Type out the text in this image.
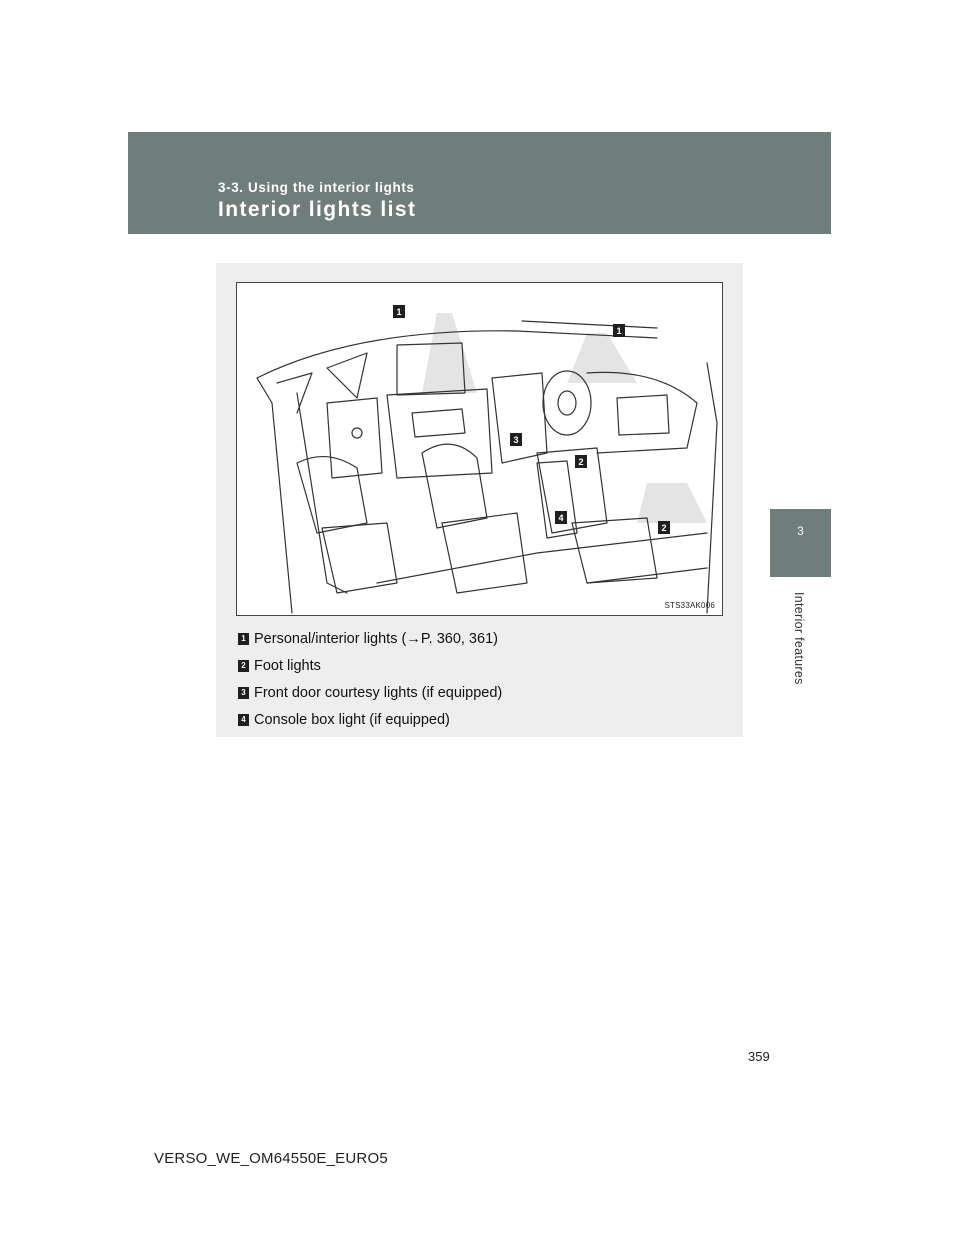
3-3. Using the interior lights
Interior lights list
3
Interior features
1
1
3
2
4
2
STS33AK006
1 Personal/interior lights ( → P. 360, 361)
2 Foot lights
3 Front door courtesy lights (if equipped)
4 Console box light (if equipped)
359
VERSO_WE_OM64550E_EURO5
